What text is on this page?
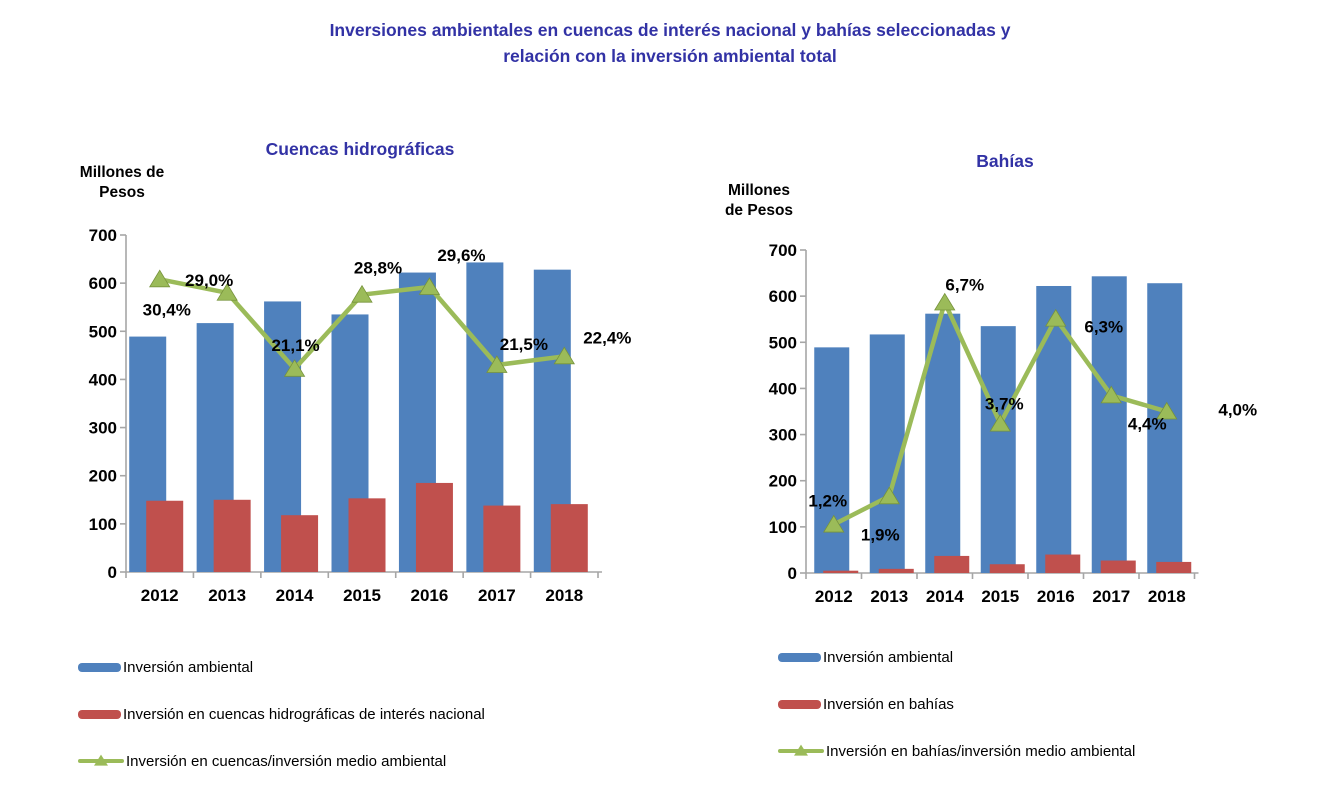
Inversiones ambientales en cuencas de interés nacional y bahías seleccionadas y
relación con la inversión ambiental total
Cuencas hidrográficas
Millones de
Pesos
0
100
200
300
400
500
600
700
2012 2013 2014 2015 2016 2017 2018
30,4%
29,0%
21,1%
28,8%
29,6%
21,5% 22,4%
Inversión ambiental
Inversión en cuencas hidrográficas de interés nacional
Inversión en cuencas/inversión medio ambiental
Bahías
Millones
de Pesos
0
100
200
300
400
500
600
700
2012 2013 2014 2015 2016 2017 2018
1,2%
1,9%
6,7%
3,7%
6,3%
4,4%
4,0%
Inversión ambiental
Inversión en bahías
Inversión en bahías/inversión medio ambiental
